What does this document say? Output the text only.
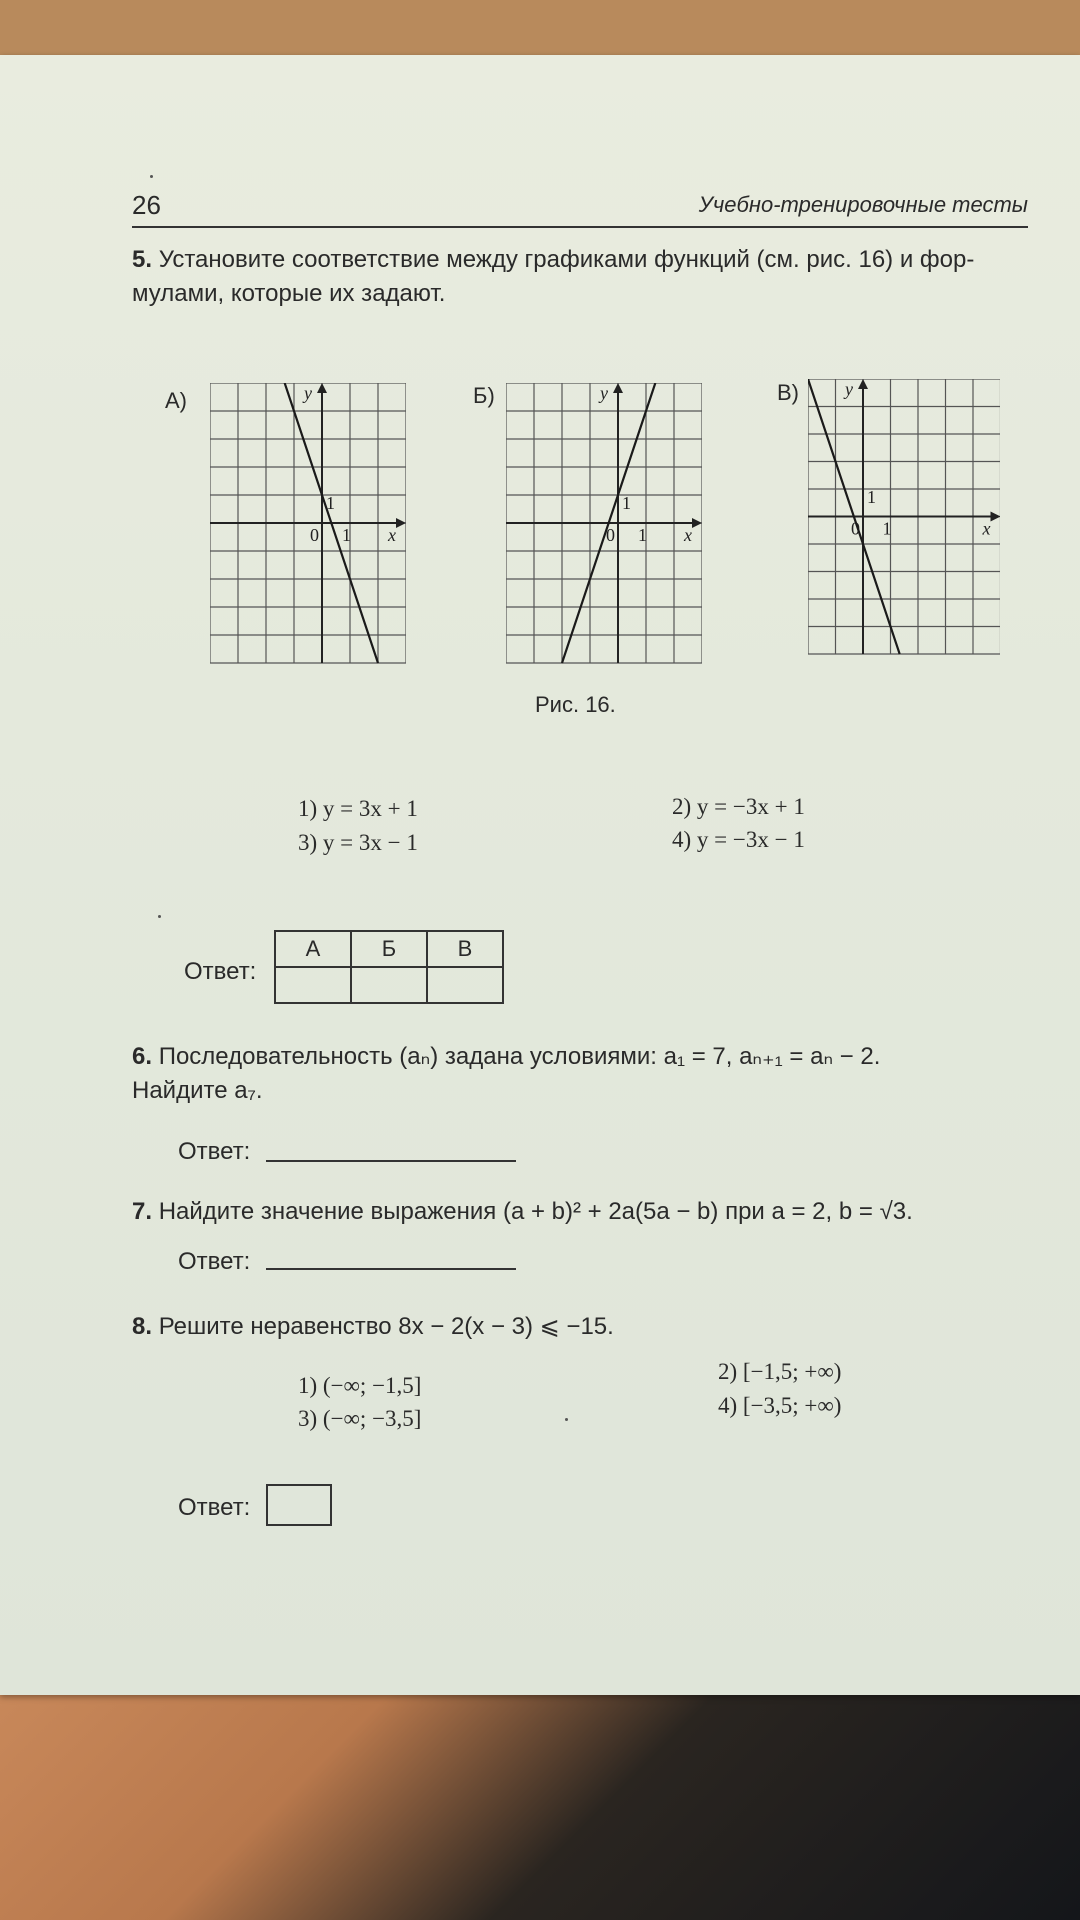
26	Учебно-тренировочные тесты
5. Установите соответствие между графиками функций (см. рис. 16) и фор-
мулами, которые их задают.
А)	Б)	В)
y
x
0 1
1
y
x
0 1
1
y
x
0 1
1
Рис. 16.
1) y = 3x + 1	2) y = −3x + 1
3) y = 3x − 1	4) y = −3x − 1
Ответ:
А	Б	В

6. Последовательность (aₙ) задана условиями: a₁ = 7, aₙ₊₁ = aₙ − 2.
Найдите a₇.
Ответ:
7. Найдите значение выражения (a + b)² + 2a(5a − b) при a = 2, b = √3.
Ответ:
8. Решите неравенство 8x − 2(x − 3) ⩽ −15.
1) (−∞; −1,5]
2) [−1,5; +∞)
3) (−∞; −3,5]
4) [−3,5; +∞)
Ответ:
